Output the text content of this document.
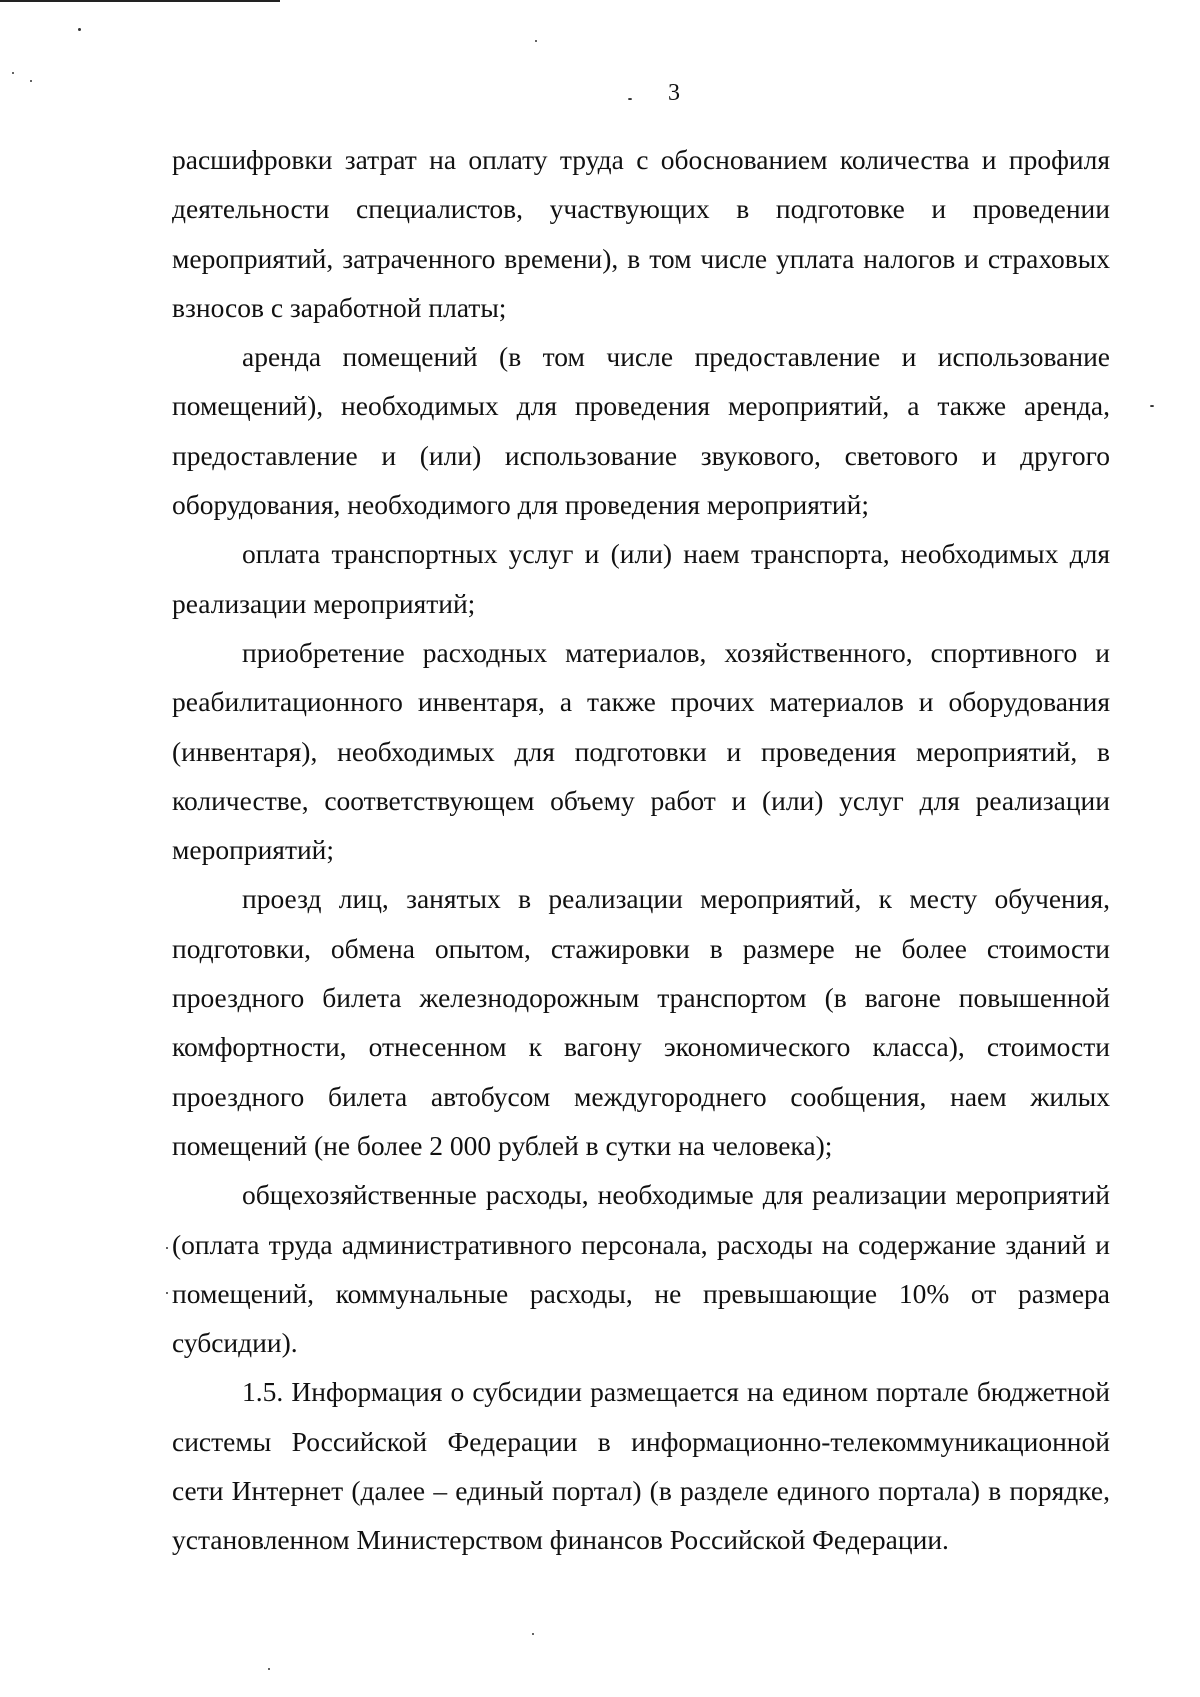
3

расшифровки затрат на оплату труда с обоснованием количества и профиля деятельности специалистов, участвующих в подготовке и проведении мероприятий, затраченного времени), в том числе уплата налогов и страховых взносов с заработной платы;

аренда помещений (в том числе предоставление и использование помещений), необходимых для проведения мероприятий, а также аренда, предоставление и (или) использование звукового, светового и другого оборудования, необходимого для проведения мероприятий;

оплата транспортных услуг и (или) наем транспорта, необходимых для реализации мероприятий;

приобретение расходных материалов, хозяйственного, спортивного и реабилитационного инвентаря, а также прочих материалов и оборудования (инвентаря), необходимых для подготовки и проведения мероприятий, в количестве, соответствующем объему работ и (или) услуг для реализации мероприятий;

проезд лиц, занятых в реализации мероприятий, к месту обучения, подготовки, обмена опытом, стажировки в размере не более стоимости проездного билета железнодорожным транспортом (в вагоне повышенной комфортности, отнесенном к вагону экономического класса), стоимости проездного билета автобусом междугороднего сообщения, наем жилых помещений (не более 2 000 рублей в сутки на человека);

общехозяйственные расходы, необходимые для реализации мероприятий (оплата труда административного персонала, расходы на содержание зданий и помещений, коммунальные расходы, не превышающие 10% от размера субсидии).

1.5. Информация о субсидии размещается на едином портале бюджетной системы Российской Федерации в информационно-телекоммуникационной сети Интернет (далее – единый портал) (в разделе единого портала) в порядке, установленном Министерством финансов Российской Федерации.
